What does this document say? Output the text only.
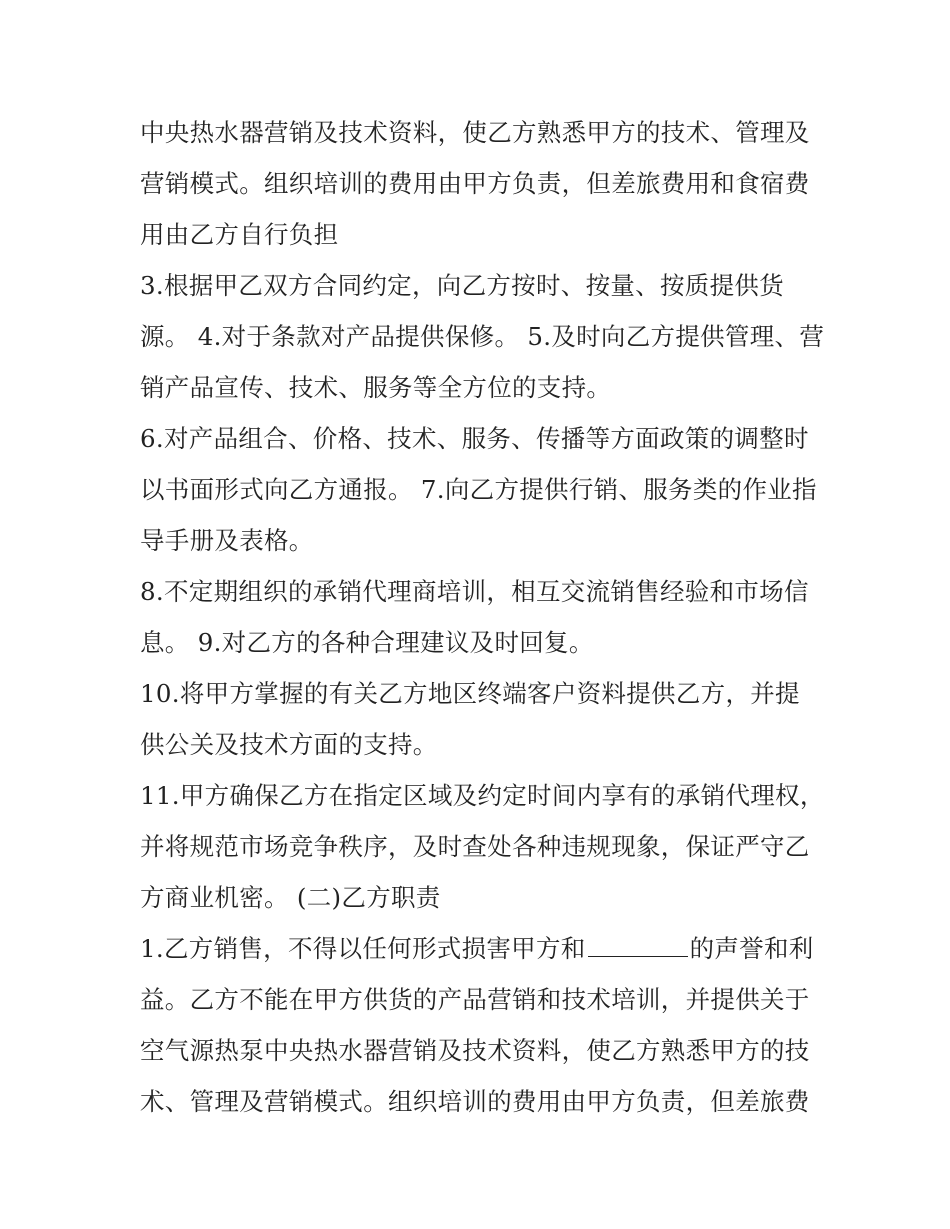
中央热水器营销及技术资料，使乙方熟悉甲方的技术、管理及
营销模式。组织培训的费用由甲方负责，但差旅费用和食宿费
用由乙方自行负担
3.根据甲乙双方合同约定，向乙方按时、按量、按质提供货
源。 4.对于条款对产品提供保修。 5.及时向乙方提供管理、营
销产品宣传、技术、服务等全方位的支持。
6.对产品组合、价格、技术、服务、传播等方面政策的调整时
以书面形式向乙方通报。 7.向乙方提供行销、服务类的作业指
导手册及表格。
8.不定期组织的承销代理商培训，相互交流销售经验和市场信
息。 9.对乙方的各种合理建议及时回复。
10.将甲方掌握的有关乙方地区终端客户资料提供乙方，并提
供公关及技术方面的支持。
11.甲方确保乙方在指定区域及约定时间内享有的承销代理权，
并将规范市场竞争秩序，及时查处各种违规现象，保证严守乙
方商业机密。 (二)乙方职责
1.乙方销售，不得以任何形式损害甲方和	的声誉和利
益。乙方不能在甲方供货的产品营销和技术培训，并提供关于
空气源热泵中央热水器营销及技术资料，使乙方熟悉甲方的技
术、管理及营销模式。组织培训的费用由甲方负责，但差旅费
